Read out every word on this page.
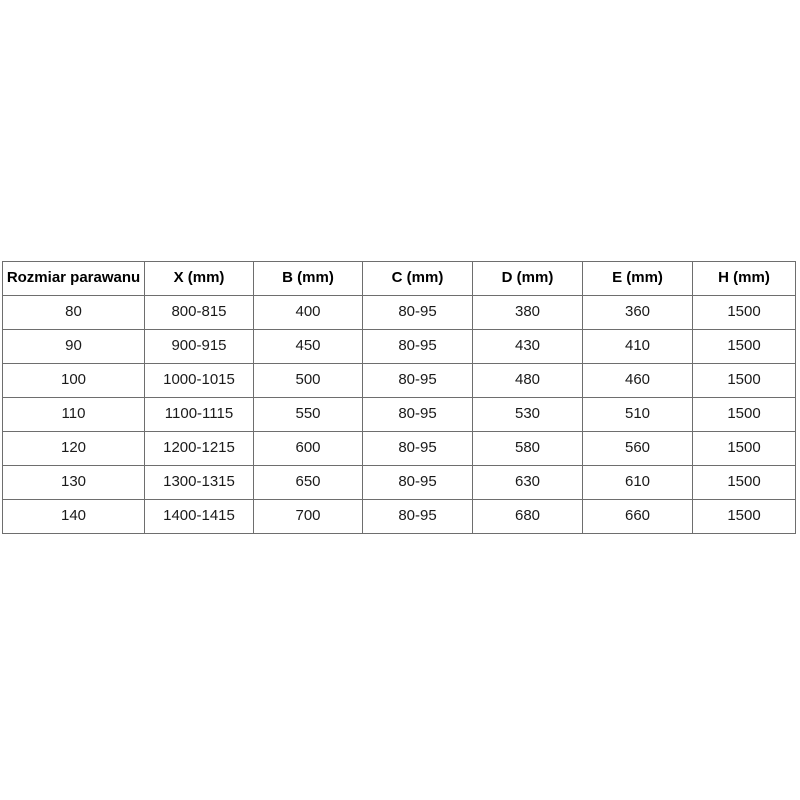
Rozmiar parawanu	X (mm)	B (mm)	C (mm)	D (mm)	E (mm)	H (mm)
80	800-815	400	80-95	380	360	1500
90	900-915	450	80-95	430	410	1500
100	1000-1015	500	80-95	480	460	1500
110	1100-1115	550	80-95	530	510	1500
120	1200-1215	600	80-95	580	560	1500
130	1300-1315	650	80-95	630	610	1500
140	1400-1415	700	80-95	680	660	1500
